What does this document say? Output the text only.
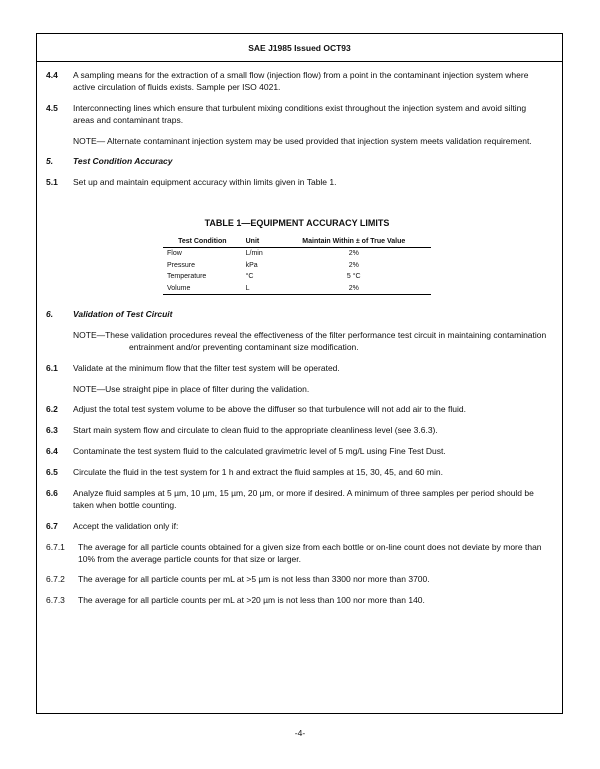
SAE J1985 Issued OCT93
4.4	A sampling means for the extraction of a small flow (injection flow) from a point in the contaminant injection system where active circulation of fluids exists. Sample per ISO 4021.
4.5	Interconnecting lines which ensure that turbulent mixing conditions exist throughout the injection system and avoid silting areas and contaminant traps.
NOTE— Alternate contaminant injection system may be used provided that injection system meets validation requirement.
5.	Test Condition Accuracy
5.1	Set up and maintain equipment accuracy within limits given in Table 1.
TABLE 1—EQUIPMENT ACCURACY LIMITS
Test Condition	Unit	Maintain Within ± of True Value
Flow	L/min	2%
Pressure	kPa	2%
Temperature	°C	5 °C
Volume	L	2%
6.	Validation of Test Circuit
NOTE—These validation procedures reveal the effectiveness of the filter performance test circuit in maintaining contamination entrainment and/or preventing contaminant size modification.
6.1	Validate at the minimum flow that the filter test system will be operated.
NOTE—Use straight pipe in place of filter during the validation.
6.2	Adjust the total test system volume to be above the diffuser so that turbulence will not add air to the fluid.
6.3	Start main system flow and circulate to clean fluid to the appropriate cleanliness level (see 3.6.3).
6.4	Contaminate the test system fluid to the calculated gravimetric level of 5 mg/L using Fine Test Dust.
6.5	Circulate the fluid in the test system for 1 h and extract the fluid samples at 15, 30, 45, and 60 min.
6.6	Analyze fluid samples at 5 µm, 10 µm, 15 µm, 20 µm, or more if desired. A minimum of three samples per period should be taken when bottle counting.
6.7	Accept the validation only if:
6.7.1	The average for all particle counts obtained for a given size from each bottle or on-line count does not deviate by more than 10% from the average particle counts for that size or larger.
6.7.2	The average for all particle counts per mL at >5 µm is not less than 3300 nor more than 3700.
6.7.3	The average for all particle counts per mL at >20 µm is not less than 100 nor more than 140.
-4-
